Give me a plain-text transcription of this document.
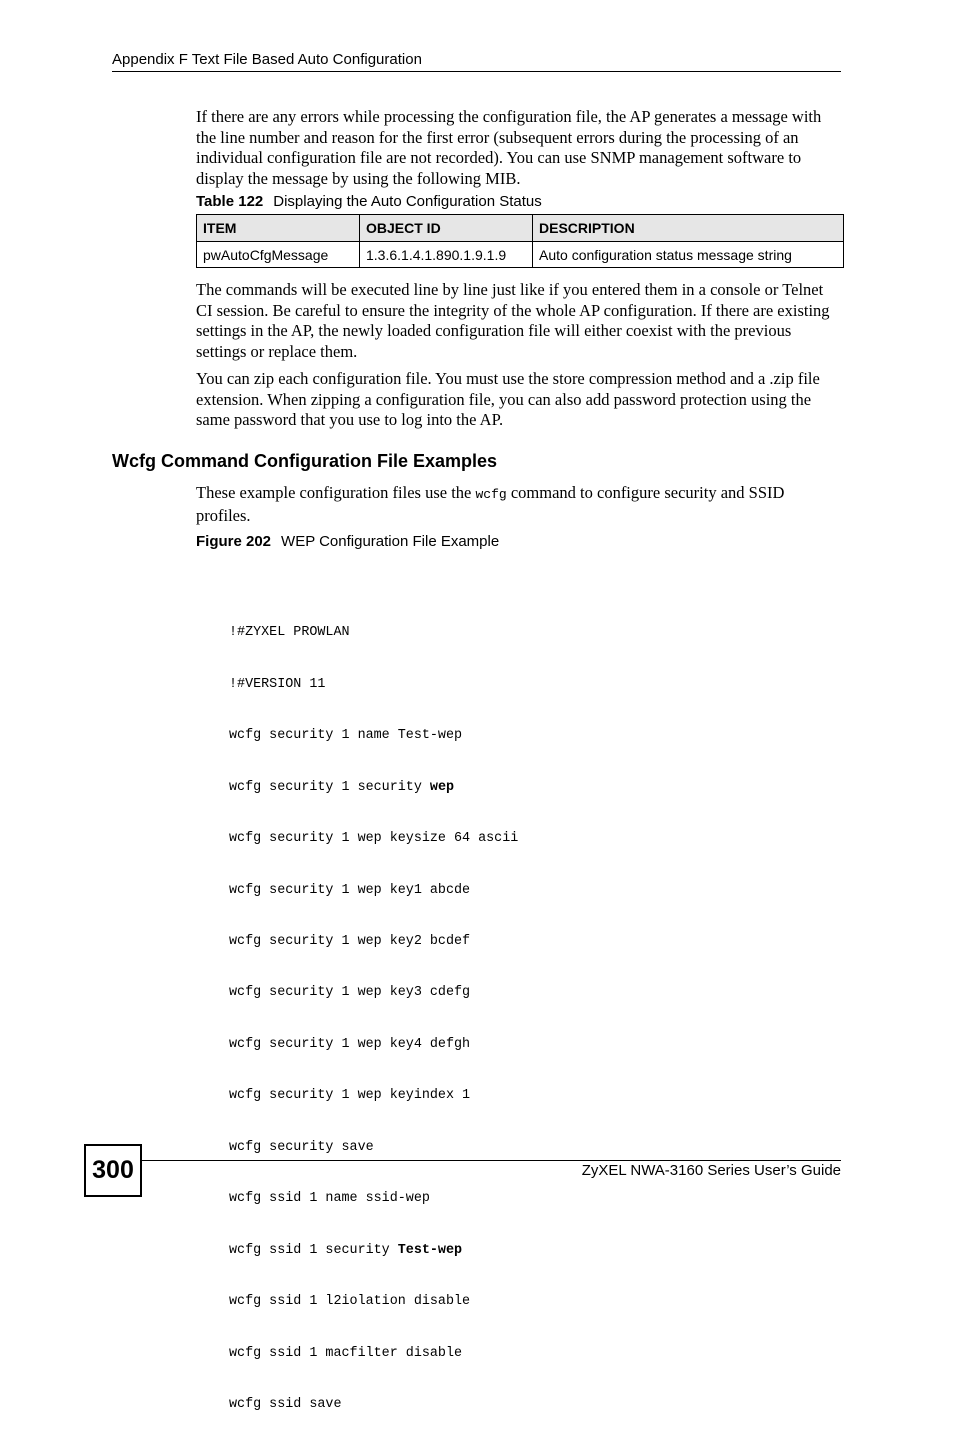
Appendix F Text File Based Auto Configuration

If there are any errors while processing the configuration file, the AP generates a message with the line number and reason for the first error (subsequent errors during the processing of an individual configuration file are not recorded). You can use SNMP management software to display the message by using the following MIB.

Table 122 Displaying the Auto Configuration Status
ITEM	OBJECT ID	DESCRIPTION
pwAutoCfgMessage	1.3.6.1.4.1.890.1.9.1.9	Auto configuration status message string

The commands will be executed line by line just like if you entered them in a console or Telnet CI session. Be careful to ensure the integrity of the whole AP configuration. If there are existing settings in the AP, the newly loaded configuration file will either coexist with the previous settings or replace them.

You can zip each configuration file. You must use the store compression method and a .zip file extension. When zipping a configuration file, you can also add password protection using the same password that you use to log into the AP.

Wcfg Command Configuration File Examples

These example configuration files use the wcfg command to configure security and SSID profiles.

Figure 202 WEP Configuration File Example

!#ZYXEL PROWLAN

!#VERSION 11

wcfg security 1 name Test-wep

wcfg security 1 security wep

wcfg security 1 wep keysize 64 ascii

wcfg security 1 wep key1 abcde

wcfg security 1 wep key2 bcdef

wcfg security 1 wep key3 cdefg

wcfg security 1 wep key4 defgh

wcfg security 1 wep keyindex 1

wcfg security save

wcfg ssid 1 name ssid-wep

wcfg ssid 1 security Test-wep

wcfg ssid 1 l2iolation disable

wcfg ssid 1 macfilter disable

wcfg ssid save

300	ZyXEL NWA-3160 Series User’s Guide
